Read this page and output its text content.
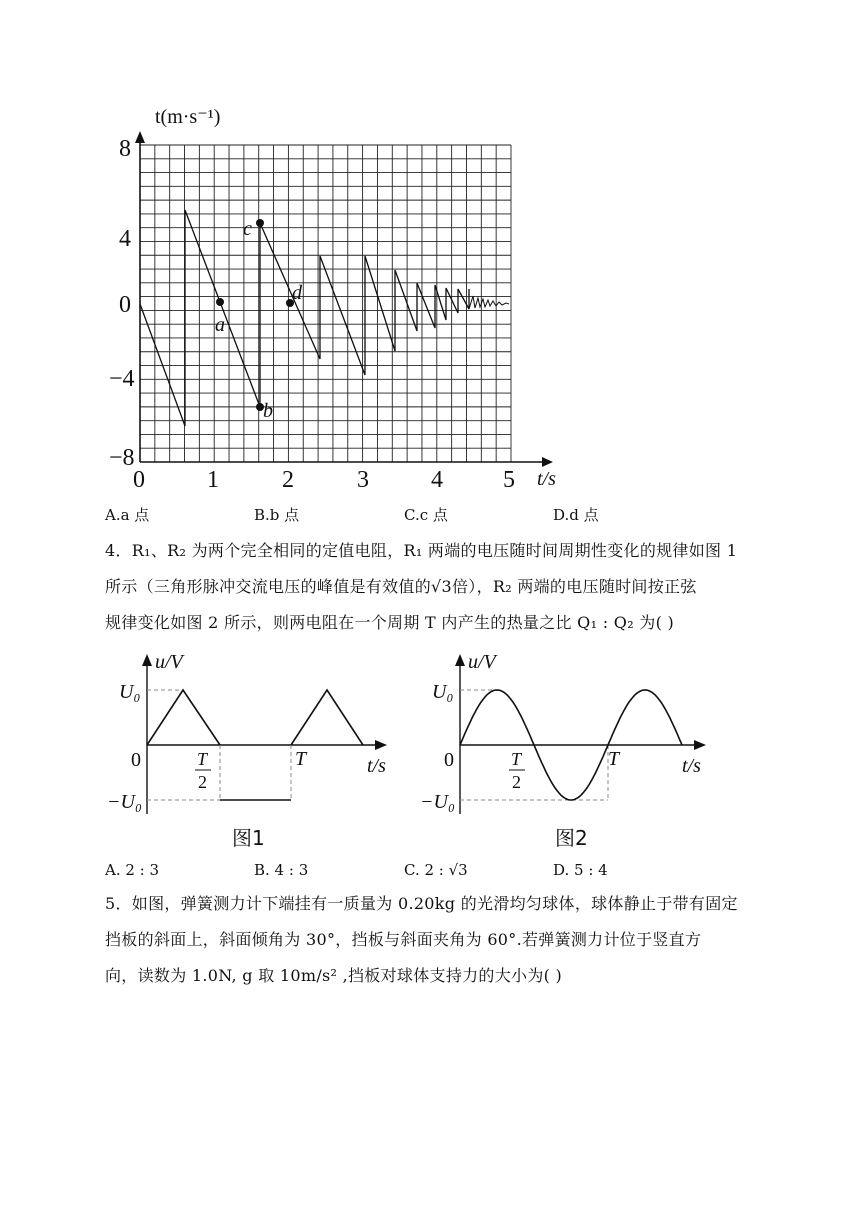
a
b
c
d
8
4
0
−4
−8
0	1	2	3	4	5
t(m·s⁻¹)
t/s
A.a 点	B.b 点	C.c 点	D.d 点
4．R₁、R₂ 为两个完全相同的定值电阻，R₁ 两端的电压随时间周期性变化的规律如图 1
所示（三角形脉冲交流电压的峰值是有效值的√3倍），R₂ 两端的电压随时间按正弦
规律变化如图 2 所示，则两电阻在一个周期 T 内产生的热量之比 Q₁ : Q₂ 为( )
u/V
U₀
0
−U₀
T
2
T	t/s
图1
u/V
U₀
0
−U₀
T
2
T	t/s
图2
A. 2 : 3	B. 4 : 3	C. 2 : √3	D. 5 : 4
5．如图，弹簧测力计下端挂有一质量为 0.20kg 的光滑均匀球体，球体静止于带有固定
挡板的斜面上，斜面倾角为 30°，挡板与斜面夹角为 60°.若弹簧测力计位于竖直方
向，读数为 1.0N, g 取 10m/s² ,挡板对球体支持力的大小为( )
